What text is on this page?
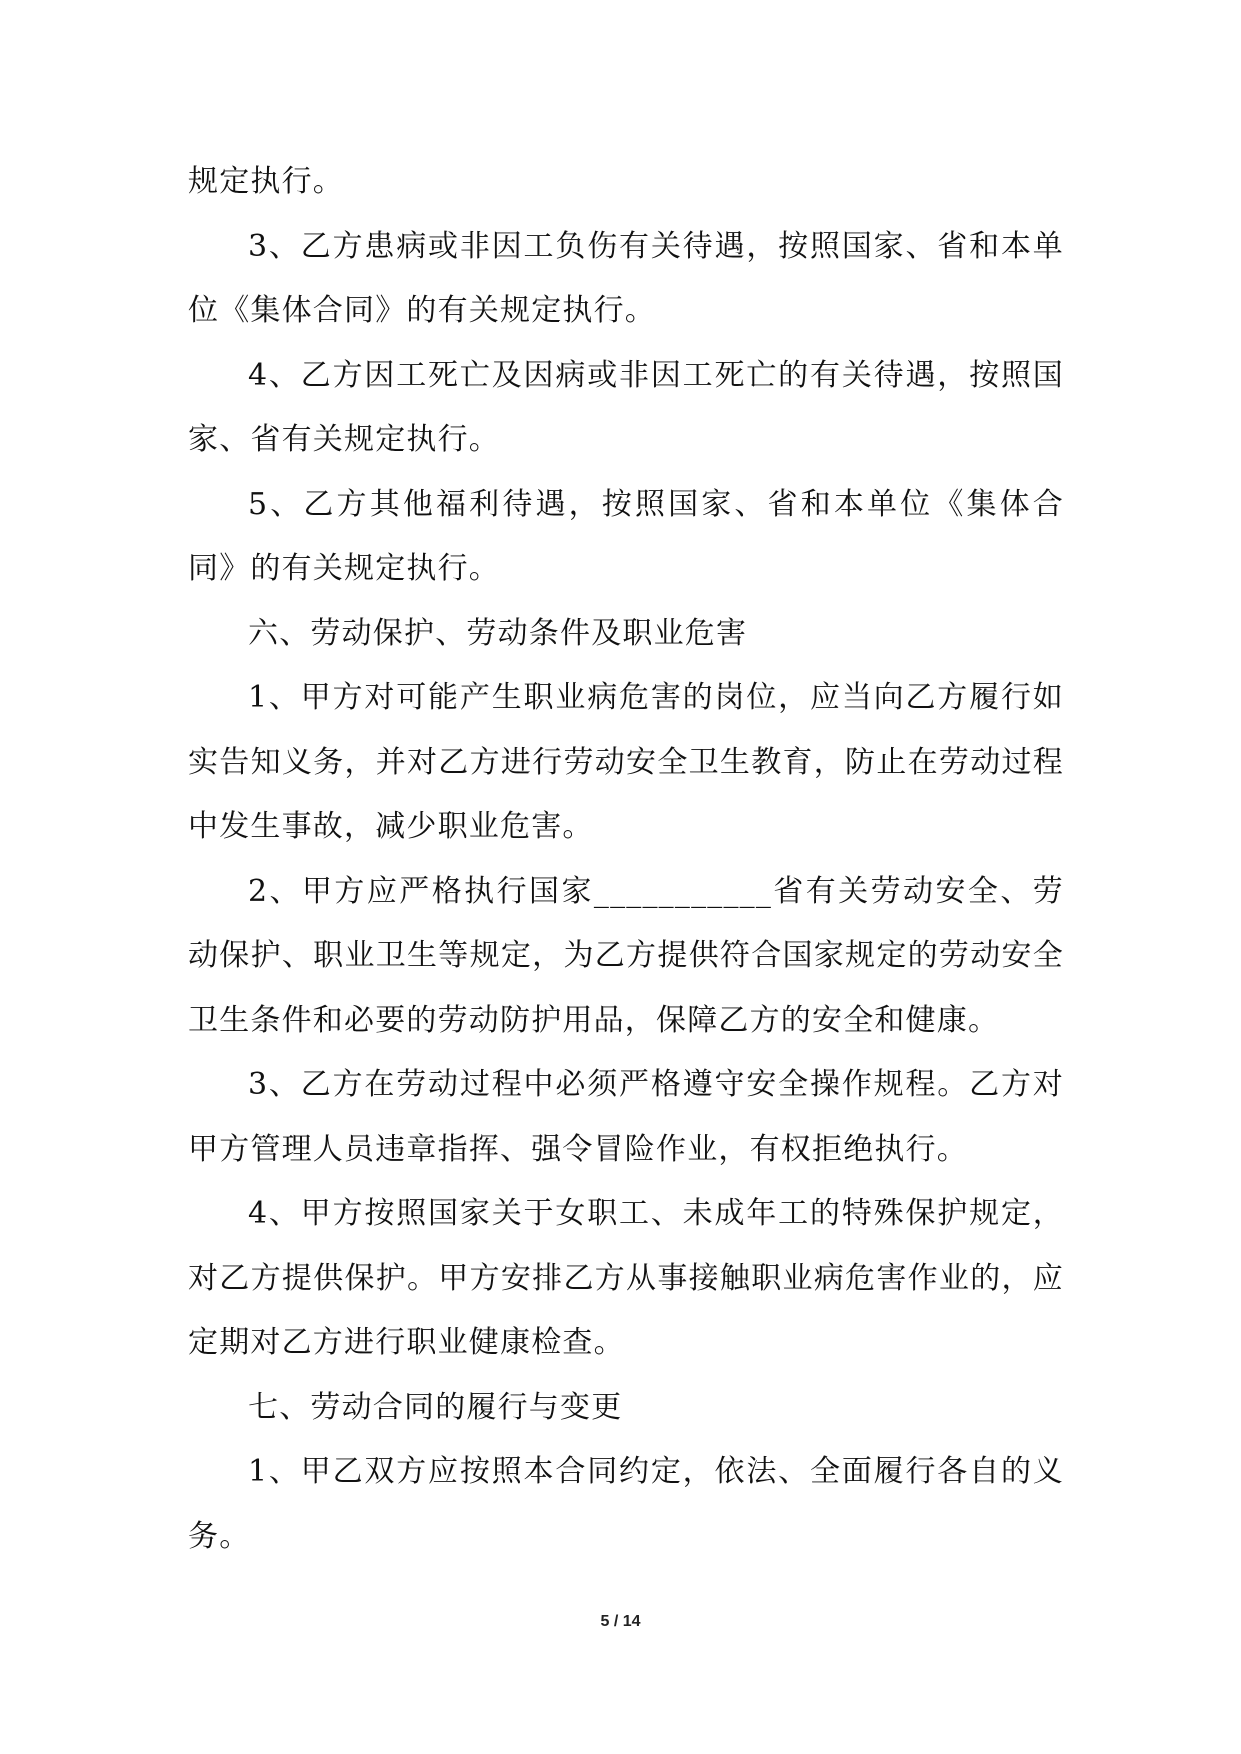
规定执行。

3、乙方患病或非因工负伤有关待遇，按照国家、省和本单位《集体合同》的有关规定执行。

4、乙方因工死亡及因病或非因工死亡的有关待遇，按照国家、省有关规定执行。

5、乙方其他福利待遇，按照国家、省和本单位《集体合同》的有关规定执行。

六、劳动保护、劳动条件及职业危害

1、甲方对可能产生职业病危害的岗位，应当向乙方履行如实告知义务，并对乙方进行劳动安全卫生教育，防止在劳动过程中发生事故，减少职业危害。

2、甲方应严格执行国家___________省有关劳动安全、劳动保护、职业卫生等规定，为乙方提供符合国家规定的劳动安全卫生条件和必要的劳动防护用品，保障乙方的安全和健康。

3、乙方在劳动过程中必须严格遵守安全操作规程。乙方对甲方管理人员违章指挥、强令冒险作业，有权拒绝执行。

4、甲方按照国家关于女职工、未成年工的特殊保护规定，对乙方提供保护。甲方安排乙方从事接触职业病危害作业的，应定期对乙方进行职业健康检查。

七、劳动合同的履行与变更

1、甲乙双方应按照本合同约定，依法、全面履行各自的义务。

5 / 14
